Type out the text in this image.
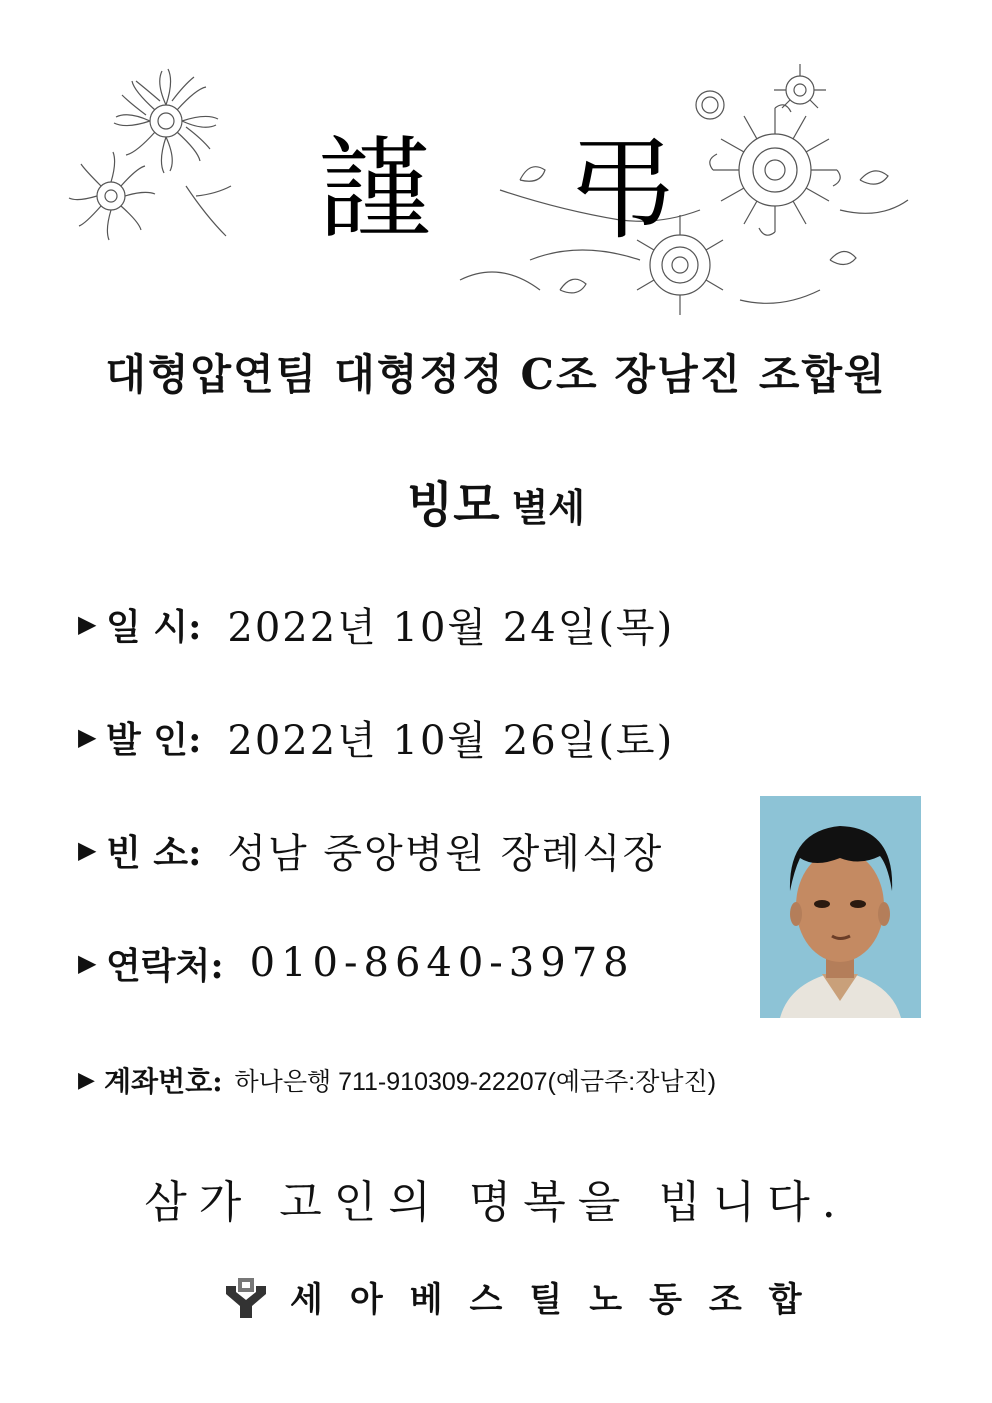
謹 弔
대형압연팀 대형정정 C조 장남진 조합원
빙모 별세
▶ 일 시: 2022년 10월 24일(목)
▶ 발 인: 2022년 10월 26일(토)
▶ 빈 소: 성남 중앙병원 장례식장
▶ 연락처: 010-8640-3978
▶ 계좌번호: 하나은행 711-910309-22207(예금주:장남진)
삼가 고인의 명복을 빕니다.
세아베스틸노동조합
